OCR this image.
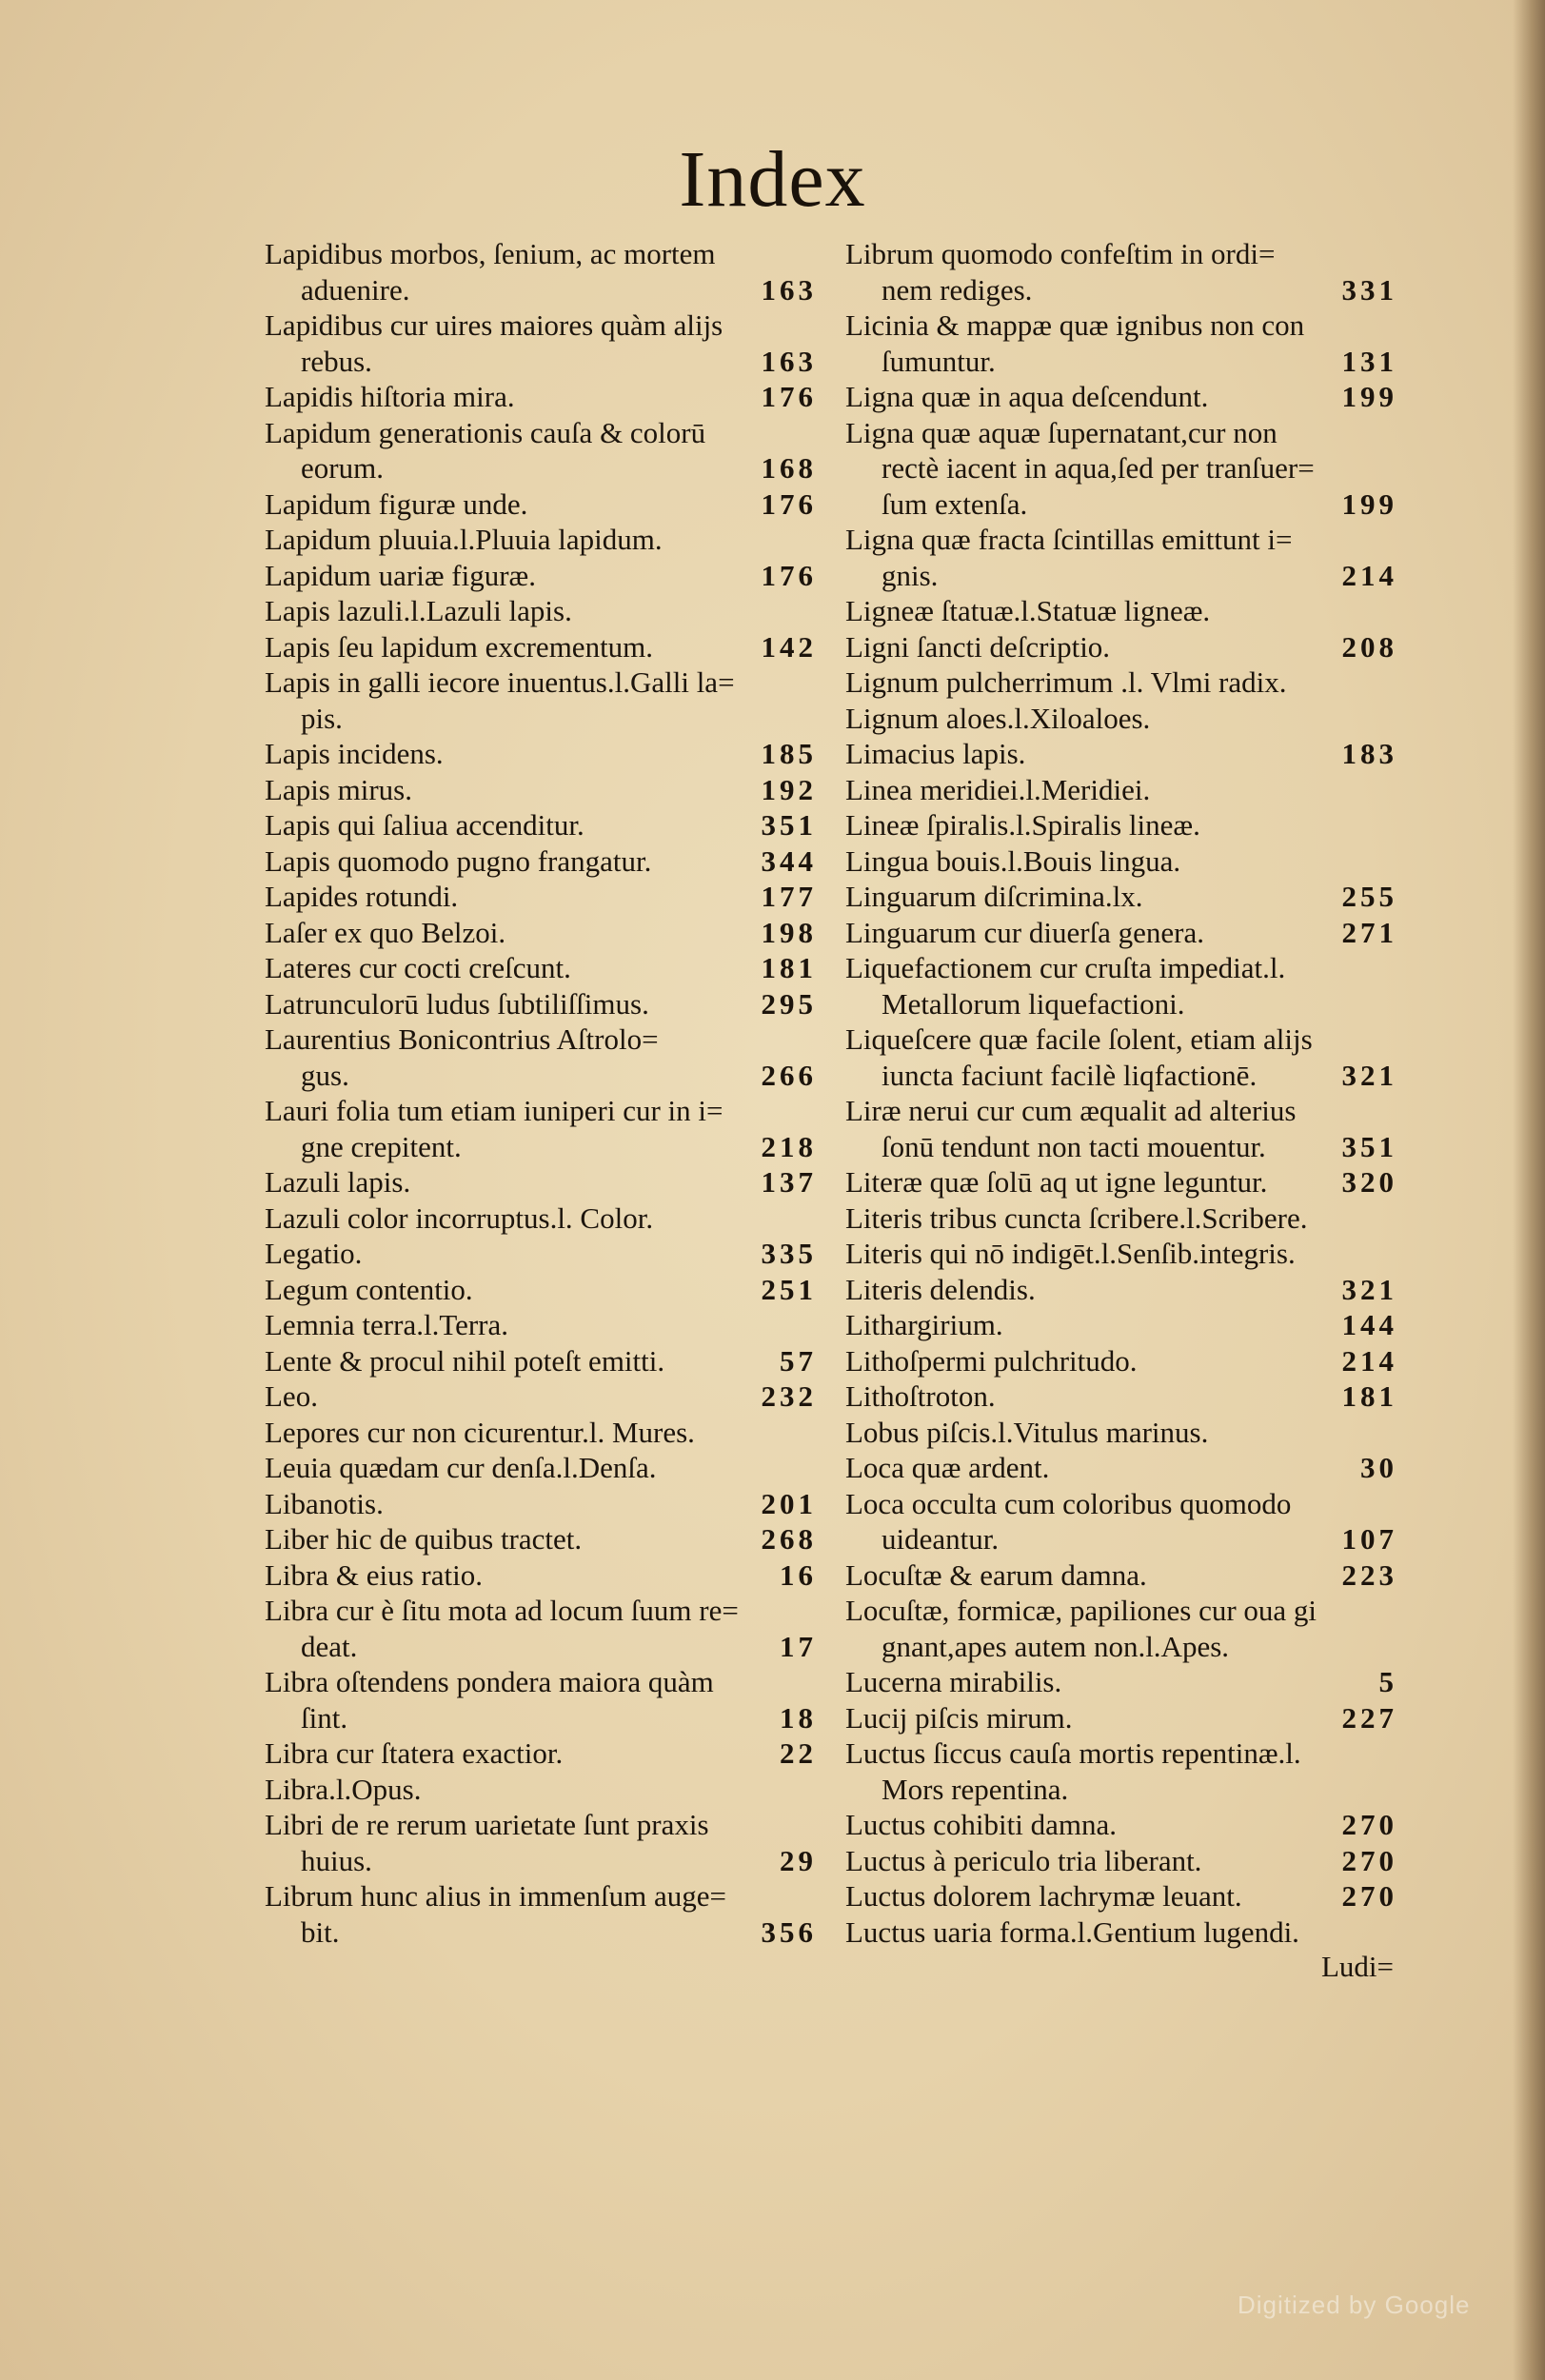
Index
Lapidibus morbos, ſenium, ac mortem
aduenire.	163
Lapidibus cur uires maiores quàm alijs
rebus.	163
Lapidis hiſtoria mira.	176
Lapidum generationis cauſa & colorū
eorum.	168
Lapidum figuræ unde.	176
Lapidum pluuia.l.Pluuia lapidum.
Lapidum uariæ figuræ.	176
Lapis lazuli.l.Lazuli lapis.
Lapis ſeu lapidum excrementum.	142
Lapis in galli iecore inuentus.l.Galli la=
pis.
Lapis incidens.	185
Lapis mirus.	192
Lapis qui ſaliua accenditur.	351
Lapis quomodo pugno frangatur.	344
Lapides rotundi.	177
Laſer ex quo Belzoi.	198
Lateres cur cocti creſcunt.	181
Latrunculorū ludus ſubtiliſſimus.	295
Laurentius Bonicontrius Aſtrolo=
gus.	266
Lauri folia tum etiam iuniperi cur in i=
gne crepitent.	218
Lazuli lapis.	137
Lazuli color incorruptus.l. Color.
Legatio.	335
Legum contentio.	251
Lemnia terra.l.Terra.
Lente & procul nihil poteſt emitti.	57
Leo.	232
Lepores cur non cicurentur.l. Mures.
Leuia quædam cur denſa.l.Denſa.
Libanotis.	201
Liber hic de quibus tractet.	268
Libra & eius ratio.	16
Libra cur è ſitu mota ad locum ſuum re=
deat.	17
Libra oſtendens pondera maiora quàm
ſint.	18
Libra cur ſtatera exactior.	22
Libra.l.Opus.
Libri de re rerum uarietate ſunt praxis
huius.	29
Librum hunc alius in immenſum auge=
bit.	356
Librum quomodo confeſtim in ordi=
nem rediges.	331
Licinia & mappæ quæ ignibus non con
ſumuntur.	131
Ligna quæ in aqua deſcendunt.	199
Ligna quæ aquæ ſupernatant,cur non
rectè iacent in aqua,ſed per tranſuer=
ſum extenſa.	199
Ligna quæ fracta ſcintillas emittunt i=
gnis.	214
Ligneæ ſtatuæ.l.Statuæ ligneæ.
Ligni ſancti deſcriptio.	208
Lignum pulcherrimum .l. Vlmi radix.
Lignum aloes.l.Xiloaloes.
Limacius lapis.	183
Linea meridiei.l.Meridiei.
Lineæ ſpiralis.l.Spiralis lineæ.
Lingua bouis.l.Bouis lingua.
Linguarum diſcrimina.lx.	255
Linguarum cur diuerſa genera.	271
Liquefactionem cur cruſta impediat.l.
Metallorum liquefactioni.
Liqueſcere quæ facile ſolent, etiam alijs
iuncta faciunt facilè liqfactionē.	321
Liræ nerui cur cum æqualit ad alterius
ſonū tendunt non tacti mouentur.	351
Literæ quæ ſolū aq ut igne leguntur.	320
Literis tribus cuncta ſcribere.l.Scribere.
Literis qui nō indigēt.l.Senſib.integris.
Literis delendis.	321
Lithargirium.	144
Lithoſpermi pulchritudo.	214
Lithoſtroton.	181
Lobus piſcis.l.Vitulus marinus.
Loca quæ ardent.	30
Loca occulta cum coloribus quomodo
uideantur.	107
Locuſtæ & earum damna.	223
Locuſtæ, formicæ, papiliones cur oua gi
gnant,apes autem non.l.Apes.
Lucerna mirabilis.	5
Lucij piſcis mirum.	227
Luctus ſiccus cauſa mortis repentinæ.l.
Mors repentina.
Luctus cohibiti damna.	270
Luctus à periculo tria liberant.	270
Luctus dolorem lachrymæ leuant.	270
Luctus uaria forma.l.Gentium lugendi.
Ludi=
Digitized by Google
